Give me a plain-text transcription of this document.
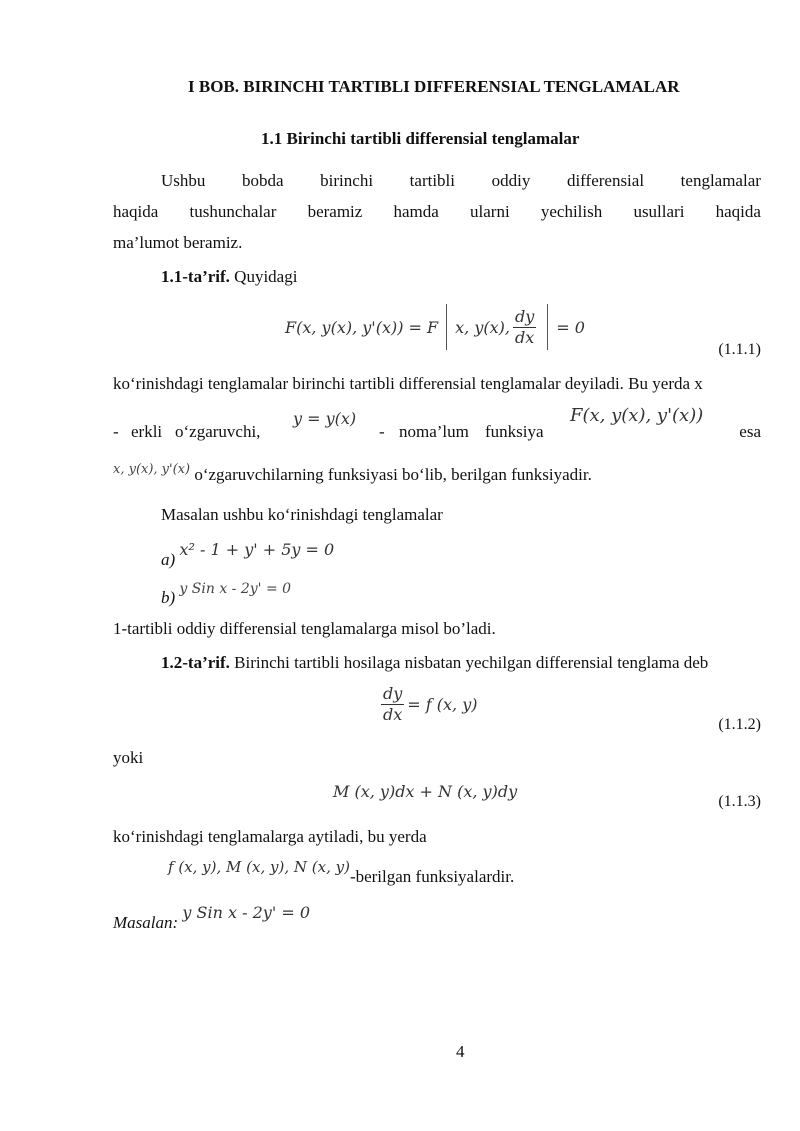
I BOB. BIRINCHI TARTIBLI DIFFERENSIAL TENGLAMALAR
1.1 Birinchi tartibli differensial tenglamalar
Ushbu bobda birinchi tartibli oddiy differensial tenglamalar
haqida tushunchalar beramiz hamda ularni yechilish usullari haqida
ma’lumot beramiz.
1.1-ta’rif. Quyidagi
F(x, y(x), y'(x)) = F x, y(x), $\frac{dy}{dx} = 0$
(1.1.1)
ko‘rinishdagi tenglamalar birinchi tartibli differensial tenglamalar deyiladi. Bu yerda x
- erkli o‘zgaruvchi,
y = y(x)
- noma’lum funksiya
F(x, y(x), y'(x))
esa
$^{x, y(x), y'(x)}$ o‘zgaruvchilarning funksiyasi bo‘lib, berilgan funksiyadir.
Masalan ushbu ko‘rinishdagi tenglamalar
a) x² - 1 + y' + 5y = 0
b) y Sin x - 2y' = 0
1-tartibli oddiy differensial tenglamalarga misol bo’ladi.
1.2-ta’rif. Birinchi tartibli hosilaga nisbatan yechilgan differensial tenglama deb
$\frac{dy}{dx} = f$ (x, y)
(1.1.2)
yoki
M (x, y)dx + N (x, y)dy
(1.1.3)
ko‘rinishdagi tenglamalarga aytiladi, bu yerda
f (x, y), M (x, y), N (x, y)-berilgan funksiyalardir.
Masalan: y Sin x - 2y' = 0
4
